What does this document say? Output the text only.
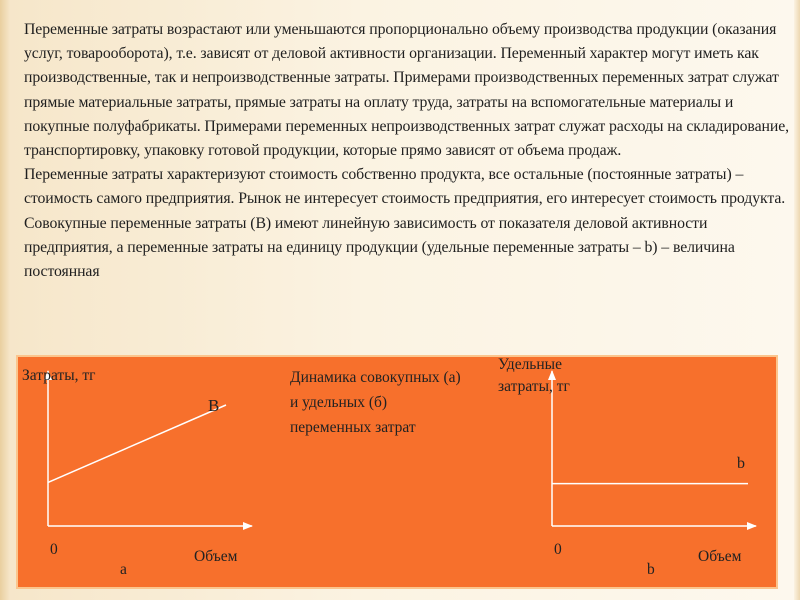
Переменные затраты возрастают или уменьшаются пропорционально объему производства продукции (оказания услуг, товарооборота), т.е. зависят от деловой активности организации. Переменный характер могут иметь как производственные, так и непроизводственные затраты. Примерами производственных переменных затрат служат прямые материальные затраты, прямые затраты на оплату труда, затраты на вспомогательные материалы и покупные полуфабрикаты. Примерами переменных непроизводственных затрат служат расходы на складирование, транспортировку, упаковку готовой продукции, которые прямо зависят от объема продаж.

Переменные затраты характеризуют стоимость собственно продукта, все остальные (постоянные затраты) – стоимость самого предприятия. Рынок не интересует стоимость предприятия, его интересует стоимость продукта. Совокупные переменные затраты (В) имеют линейную зависимость от показателя деловой активности предприятия, а переменные затраты на единицу продукции (удельные переменные затраты – b) – величина постоянная

Затраты, тг
В
0	Объем
а
Динамика совокупных (а) и удельных (б) переменных затрат
Удельные затраты, тг
b
0	Объем
b
